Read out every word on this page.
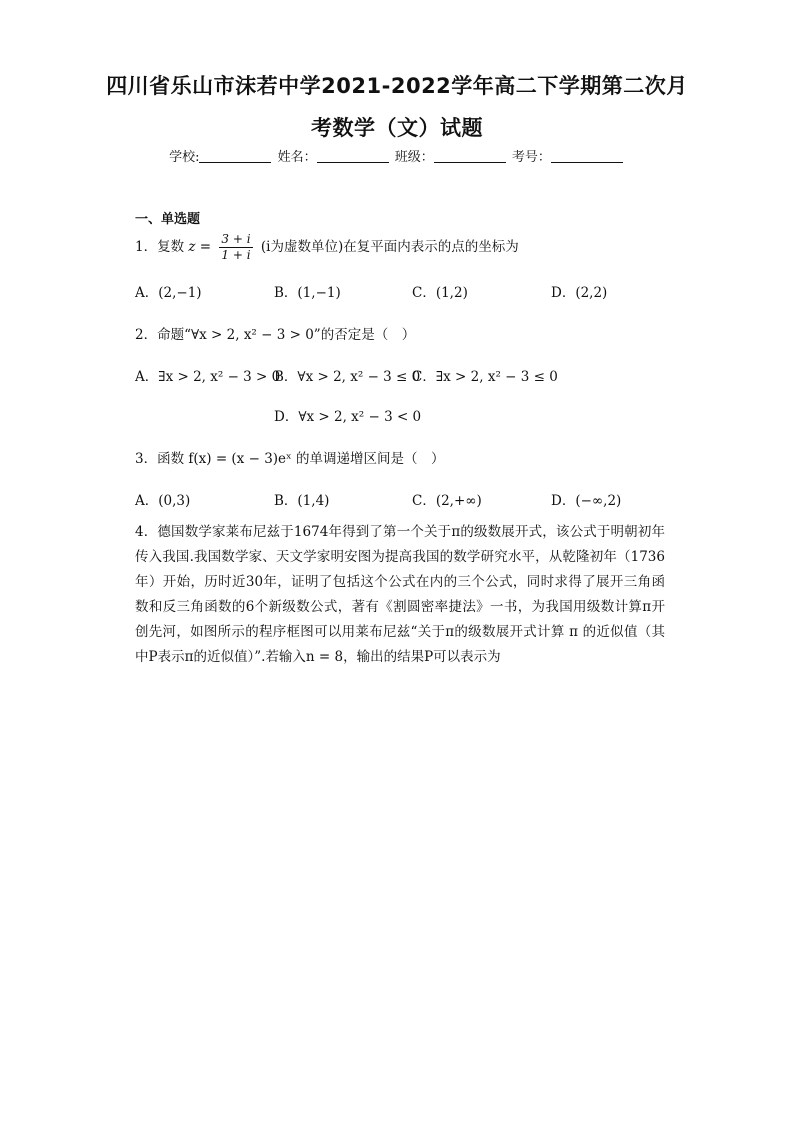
四川省乐山市沫若中学2021-2022学年高二下学期第二次月
考数学（文）试题
学校:	姓名：	班级：	考号：
一、单选题
1．复数 $z = \frac{3 + i}{1 + i} (i$为虚数单位)在复平面内表示的点的坐标为
A．(2,−1)	B．(1,−1)	C．(1,2)	D．(2,2)
2．命题“∀x > 2, x² − 3 > 0”的否定是（　）
A．∃x > 2, x² − 3 > 0
B．∀x > 2, x² − 3 ≤ 0
C．∃x > 2, x² − 3 ≤ 0
D．∀x > 2, x² − 3 < 0
3．函数 f(x) = (x − 3)eˣ 的单调递增区间是（　）
A．(0,3)	B．(1,4)	C．(2,+∞)	D．(−∞,2)
4．德国数学家莱布尼兹于1674年得到了第一个关于π的级数展开式，该公式于明朝初年传入我国.我国数学家、天文学家明安图为提高我国的数学研究水平，从乾隆初年（1736年）开始，历时近30年，证明了包括这个公式在内的三个公式，同时求得了展开三角函数和反三角函数的6个新级数公式，著有《割圆密率捷法》一书，为我国用级数计算π开创先河，如图所示的程序框图可以用莱布尼兹“关于π的级数展开式计算 π 的近似值（其中P表示π的近似值）”.若输入n = 8，输出的结果P可以表示为
